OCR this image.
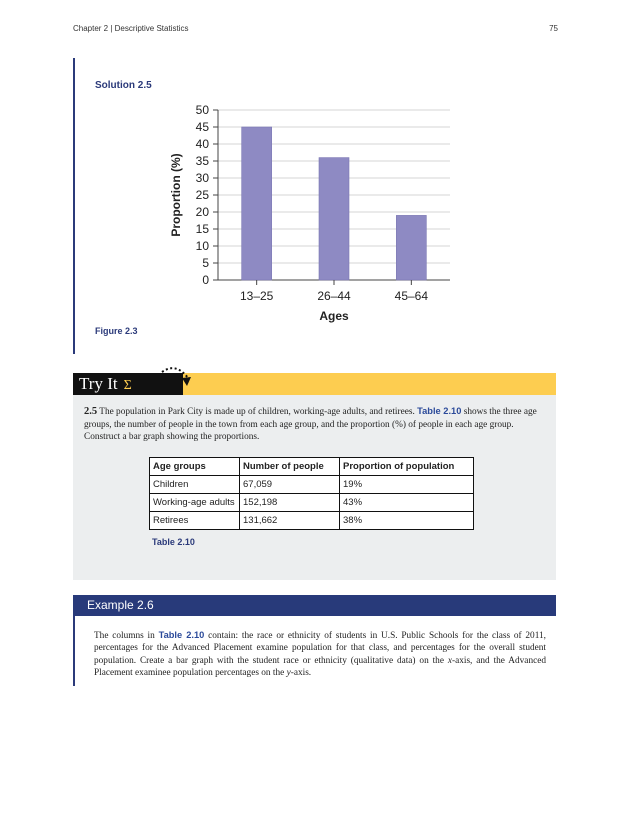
Chapter 2 | Descriptive Statistics	75
Solution 2.5
0
5
10
15
20
25
30
35
40
45
50
13–25	26–44	45–64
Ages
Proportion (%)
Figure 2.3
Try It Σ
2.5 The population in Park City is made up of children, working-age adults, and retirees. Table 2.10 shows the three age groups, the number of people in the town from each age group, and the proportion (%) of people in each age group. Construct a bar graph showing the proportions.
Age groups	Number of people	Proportion of population
Children	67,059	19%
Working-age adults	152,198	43%
Retirees	131,662	38%
Table 2.10
Example 2.6
The columns in Table 2.10 contain: the race or ethnicity of students in U.S. Public Schools for the class of 2011, percentages for the Advanced Placement examine population for that class, and percentages for the overall student population. Create a bar graph with the student race or ethnicity (qualitative data) on the x-axis, and the Advanced Placement examinee population percentages on the y-axis.
